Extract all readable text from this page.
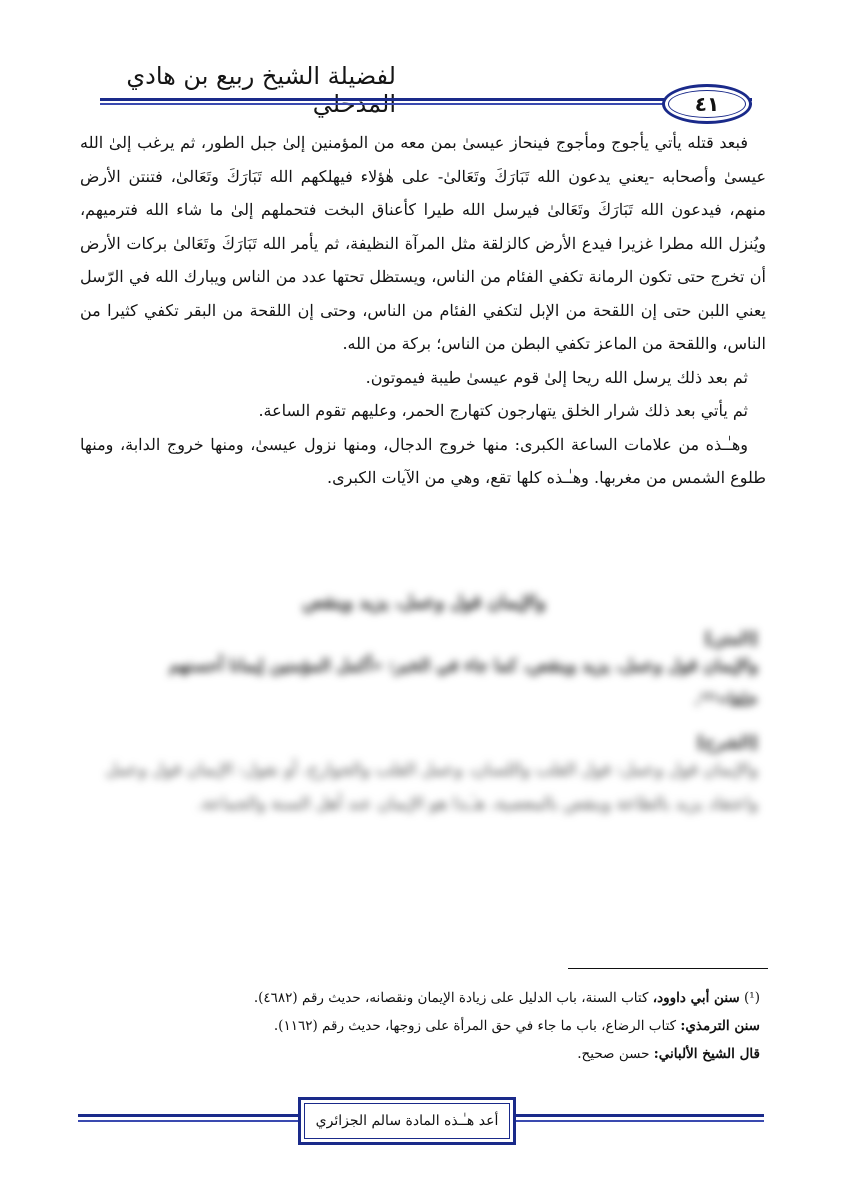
لفضيلة الشيخ ربيع بن هادي
٤١

فبعد قتله يأتي يأجوج ومأجوج فينحاز عيسىٰ بمن معه من المؤمنين إلىٰ جبل الطور، ثم يرغب إلىٰ الله عيسىٰ وأصحابه -يعني يدعون الله تَبَارَكَ وتَعَالىٰ- على هٰؤلاء فيهلكهم الله تَبَارَكَ وتَعَالىٰ، فتنتن الأرض منهم، فيدعون الله تَبَارَكَ وتَعَالىٰ فيرسل الله طيرا كأعناق البخت فتحملهم إلىٰ ما شاء الله فترميهم، ويُنزل الله مطرا غزيرا فيدع الأرض كالزلقة مثل المرآة النظيفة، ثم يأمر الله تَبَارَكَ وتَعَالىٰ بركات الأرض أن تخرج حتى تكون الرمانة تكفي الفئام من الناس، ويستظل تحتها عدد من الناس ويبارك الله في الرّسل يعني اللبن حتى إن اللقحة من الإبل لتكفي الفئام من الناس، وحتى إن اللقحة من البقر تكفي كثيرا من الناس، واللقحة من الماعز تكفي البطن من الناس؛ بركة من الله.

ثم بعد ذلك يرسل الله ريحا إلىٰ قوم عيسىٰ طيبة فيموتون.

ثم يأتي بعد ذلك شرار الخلق يتهارجون كتهارج الحمر، وعليهم تقوم الساعة.

وهـٰـذه من علامات الساعة الكبرى: منها خروج الدجال، ومنها نزول عيسىٰ، ومنها خروج الدابة، ومنها طلوع الشمس من مغربها. وهـٰـذه كلها تقع، وهي من الآيات الكبرى.

والإيمان قول وعمل، يزيد وينقص
[المتن]
والإيمان قول وعمل، يزيد وينقص، كما جاء في الخبر: «أكمل المؤمنين إيمانا أحسنهم
خلقا»⁽¹⁾.
[الشرح]
والإيمان قول وعمل: قول القلب واللسان، وعمل القلب والجوارح، أو نقول: الإيمان قول وعمل
واعتقاد يزيد بالطاعة وينقص بالمعصية، هـٰـذا هو الإيمان عند أهل السنة والجماعة.

(¹) سنن أبي داوود، كتاب السنة، باب الدليل على زيادة الإيمان ونقصانه، حديث رقم (٤٦٨٢).

سنن الترمذي: كتاب الرضاع، باب ما جاء في حق المرأة على زوجها، حديث رقم (١١٦٢).

قال الشيخ الألباني: حسن صحيح.

أعد هـٰـذه المادة سالم الجزائري
